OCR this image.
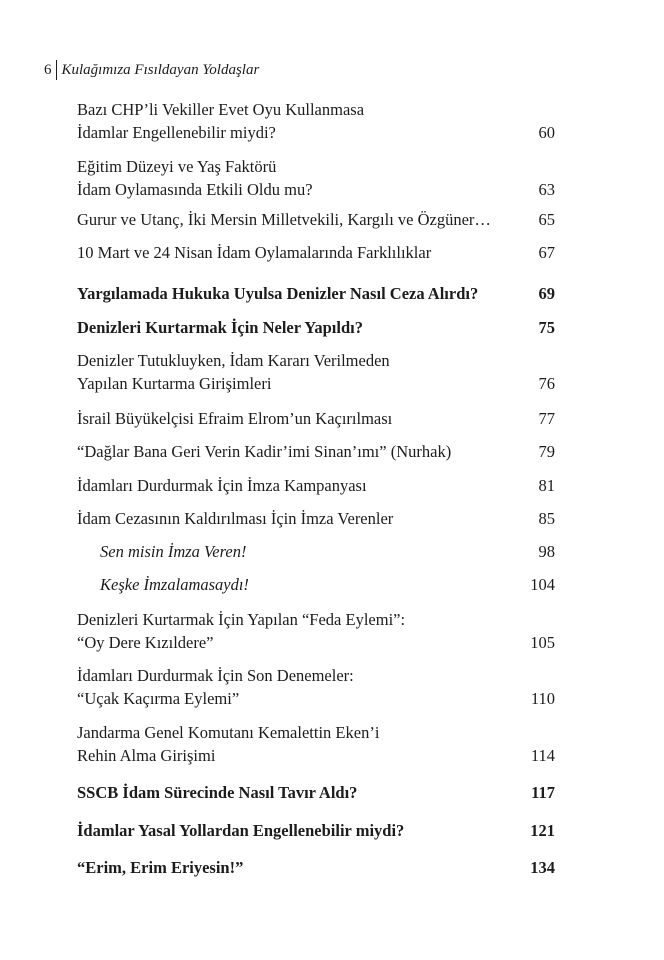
6 Kulağımıza Fısıldayan Yoldaşlar
Bazı CHP’li Vekiller Evet Oyu Kullanmasa
İdamlar Engellenebilir miydi?	60
Eğitim Düzeyi ve Yaş Faktörü
İdam Oylamasında Etkili Oldu mu?	63
Gurur ve Utanç, İki Mersin Milletvekili, Kargılı ve Özgüner…	65
10 Mart ve 24 Nisan İdam Oylamalarında Farklılıklar	67
Yargılamada Hukuka Uyulsa Denizler Nasıl Ceza Alırdı?	69
Denizleri Kurtarmak İçin Neler Yapıldı?	75
Denizler Tutukluyken, İdam Kararı Verilmeden
Yapılan Kurtarma Girişimleri	76
İsrail Büyükelçisi Efraim Elrom’un Kaçırılması	77
“Dağlar Bana Geri Verin Kadir’imi Sinan’ımı” (Nurhak)	79
İdamları Durdurmak İçin İmza Kampanyası	81
İdam Cezasının Kaldırılması İçin İmza Verenler	85
Sen misin İmza Veren!	98
Keşke İmzalamasaydı!	104
Denizleri Kurtarmak İçin Yapılan “Feda Eylemi”:
“Oy Dere Kızıldere”	105
İdamları Durdurmak İçin Son Denemeler:
“Uçak Kaçırma Eylemi”	110
Jandarma Genel Komutanı Kemalettin Eken’i
Rehin Alma Girişimi	114
SSCB İdam Sürecinde Nasıl Tavır Aldı?	117
İdamlar Yasal Yollardan Engellenebilir miydi?	121
“Erim, Erim Eriyesin!”	134
